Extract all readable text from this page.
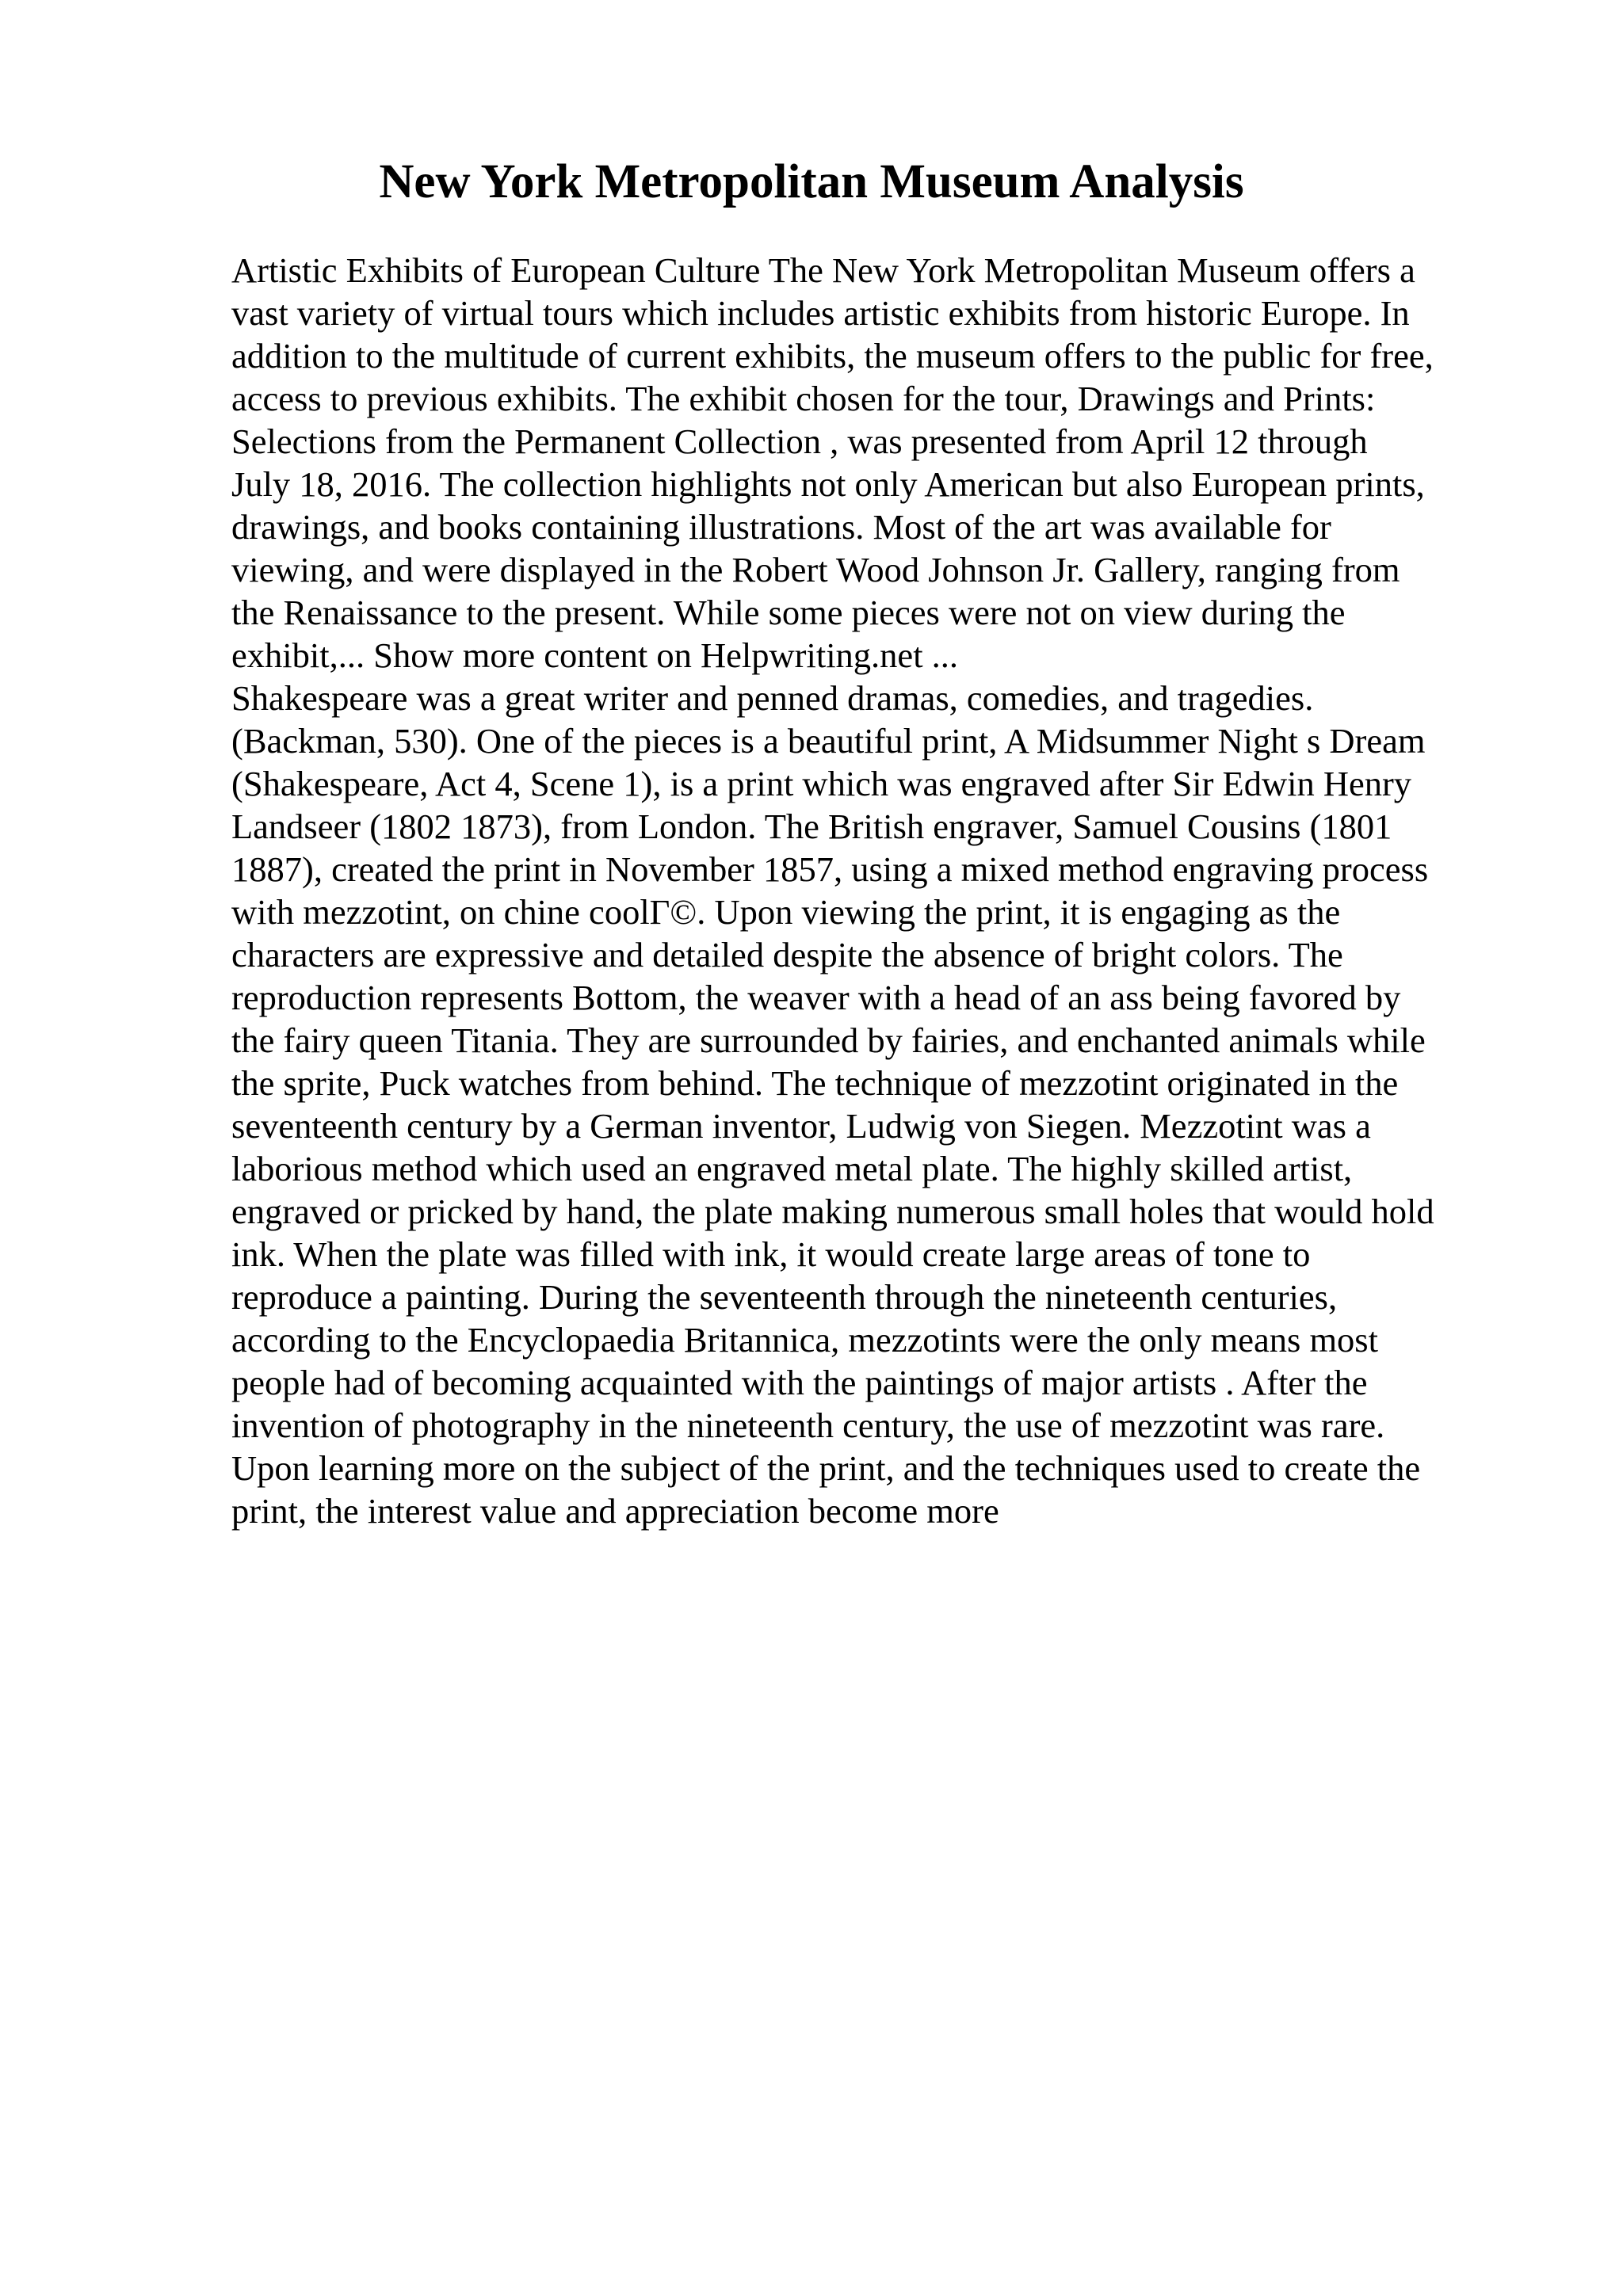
New York Metropolitan Museum Analysis

Artistic Exhibits of European Culture The New York Metropolitan Museum offers a

vast variety of virtual tours which includes artistic exhibits from historic Europe. In

addition to the multitude of current exhibits, the museum offers to the public for free,

access to previous exhibits. The exhibit chosen for the tour, Drawings and Prints:

Selections from the Permanent Collection , was presented from April 12 through

July 18, 2016. The collection highlights not only American but also European prints,

drawings, and books containing illustrations. Most of the art was available for

viewing, and were displayed in the Robert Wood Johnson Jr. Gallery, ranging from

the Renaissance to the present. While some pieces were not on view during the

exhibit,... Show more content on Helpwriting.net ...

Shakespeare was a great writer and penned dramas, comedies, and tragedies.

(Backman, 530). One of the pieces is a beautiful print, A Midsummer Night s Dream

(Shakespeare, Act 4, Scene 1), is a print which was engraved after Sir Edwin Henry

Landseer (1802 1873), from London. The British engraver, Samuel Cousins (1801

1887), created the print in November 1857, using a mixed method engraving process

with mezzotint, on chine coolГ©. Upon viewing the print, it is engaging as the

characters are expressive and detailed despite the absence of bright colors. The

reproduction represents Bottom, the weaver with a head of an ass being favored by

the fairy queen Titania. They are surrounded by fairies, and enchanted animals while

the sprite, Puck watches from behind. The technique of mezzotint originated in the

seventeenth century by a German inventor, Ludwig von Siegen. Mezzotint was a

laborious method which used an engraved metal plate. The highly skilled artist,

engraved or pricked by hand, the plate making numerous small holes that would hold

ink. When the plate was filled with ink, it would create large areas of tone to

reproduce a painting. During the seventeenth through the nineteenth centuries,

according to the Encyclopaedia Britannica, mezzotints were the only means most

people had of becoming acquainted with the paintings of major artists . After the

invention of photography in the nineteenth century, the use of mezzotint was rare.

Upon learning more on the subject of the print, and the techniques used to create the

print, the interest value and appreciation become more
